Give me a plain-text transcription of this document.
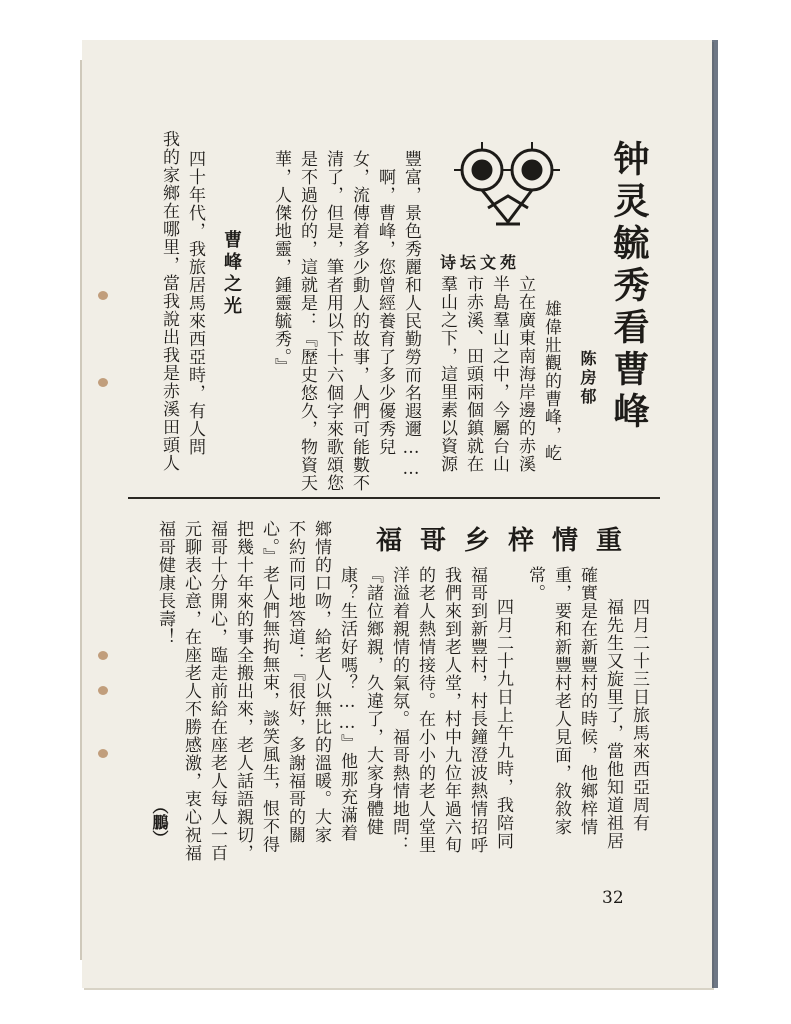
钟灵毓秀看曹峰
陈房郁
诗坛文苑
雄偉壯觀的曹峰，屹
立在廣東南海岸邊的赤溪
半島羣山之中，今屬台山
市赤溪、田頭兩個鎮就在
羣山之下，這里素以資源
豐富，景色秀麗和人民勤勞而名遐邇……
啊，曹峰，您曾經養育了多少優秀兒
女，流傳着多少動人的故事，人們可能數不
清了，但是，筆者用以下十六個字來歌頌您
是不過份的，這就是：『歷史悠久，物資天
華，人傑地靈，鍾靈毓秀。』
曹峰之光
四十年代，我旅居馬來西亞時，有人問
我的家鄉在哪里，當我說出我是赤溪田頭人
重
情
梓
乡
哥
福
四月二十三日旅馬來西亞周有
福先生又旋里了，當他知道祖居
確實是在新豐村的時候，他鄉梓情
重，要和新豐村老人見面，敘敘家
常。
四月二十九日上午九時，我陪同
福哥到新豐村，村長鐘澄波熱情招呼
我們來到老人堂，村中九位年過六旬
的老人熱情接待。在小小的老人堂里
洋溢着親情的氣氛。福哥熱情地問：
『諸位鄉親，久違了，大家身體健
康？生活好嗎？……』他那充滿着
鄉情的口吻，給老人以無比的溫暖。大家
不約而同地答道：『很好，多謝福哥的關
心。』老人們無拘無束，談笑風生，恨不得
把幾十年來的事全搬出來，老人話語親切，
福哥十分開心，臨走前給在座老人每人一百
元聊表心意，在座老人不勝感激，衷心祝福
福哥健康長壽！
（鵬）
32
